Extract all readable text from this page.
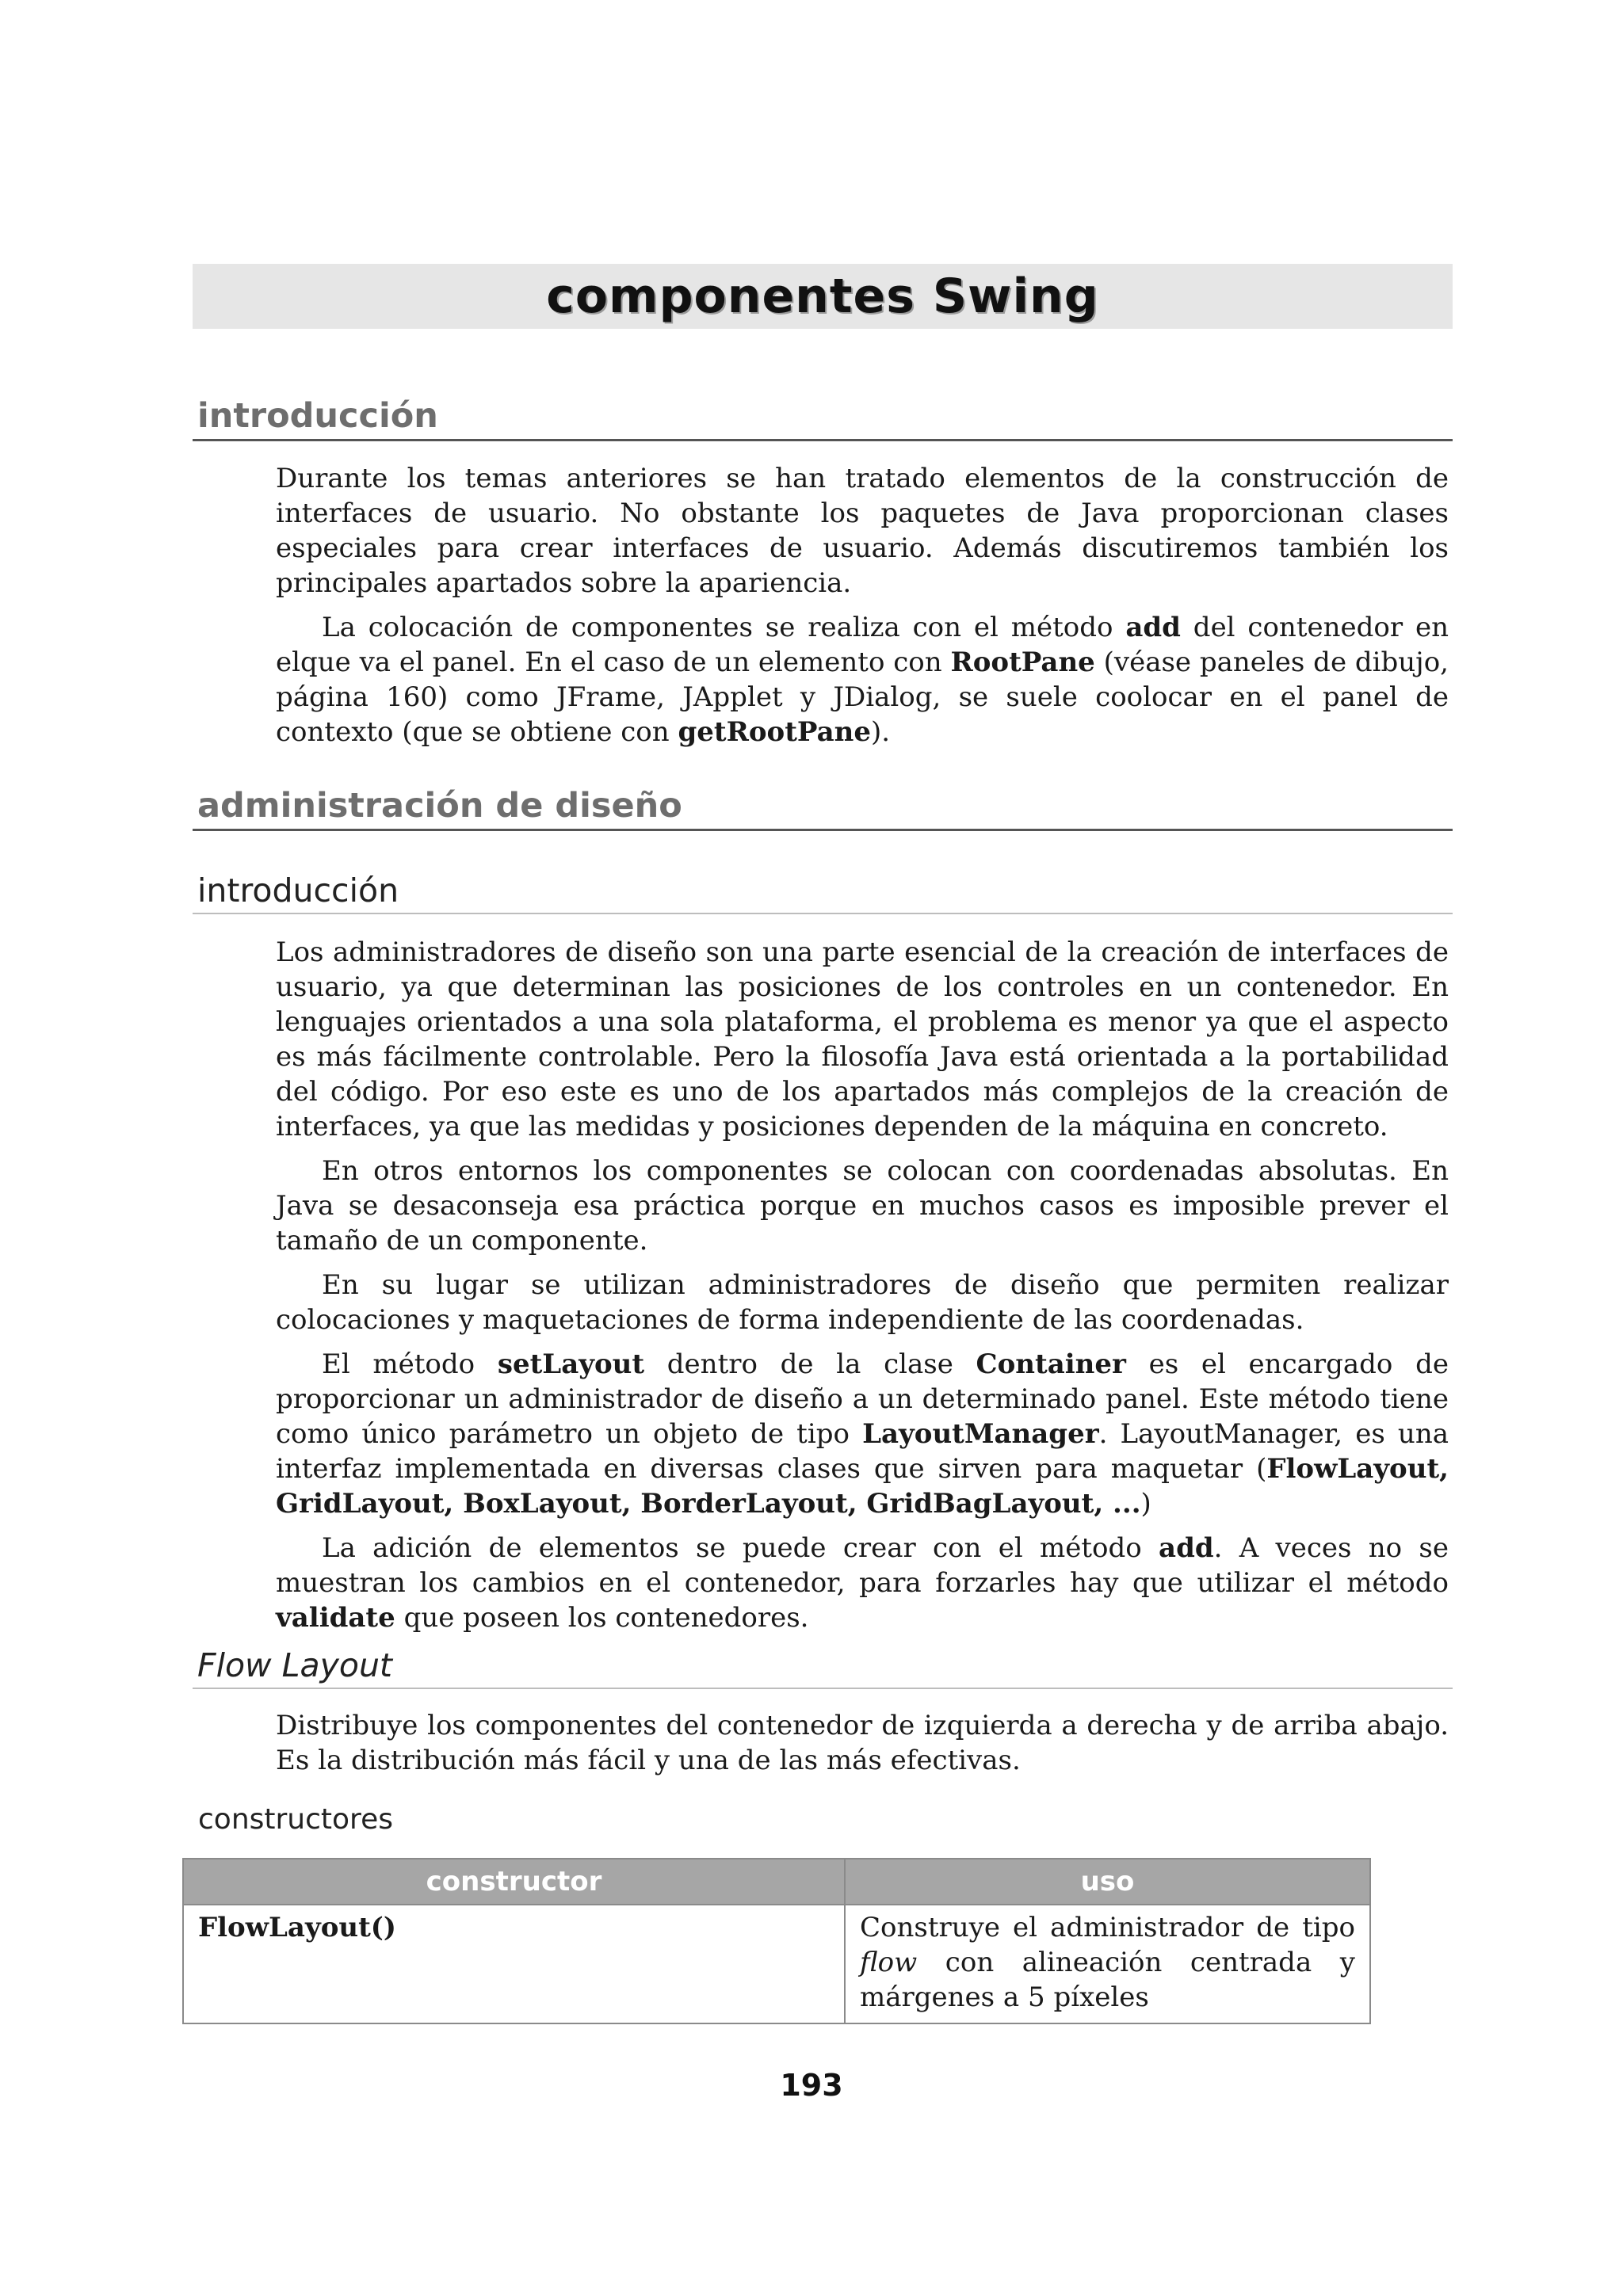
componentes Swing
introducción

Durante los temas anteriores se han tratado elementos de la construcción de interfaces de usuario. No obstante los paquetes de Java proporcionan clases especiales para crear interfaces de usuario. Además discutiremos también los principales apartados sobre la apariencia.

La colocación de componentes se realiza con el método add del contenedor en elque va el panel. En el caso de un elemento con RootPane (véase paneles de dibujo, página 160) como JFrame, JApplet y JDialog, se suele coolocar en el panel de contexto (que se obtiene con getRootPane).

administración de diseño
introducción

Los administradores de diseño son una parte esencial de la creación de interfaces de usuario, ya que determinan las posiciones de los controles en un contenedor. En lenguajes orientados a una sola plataforma, el problema es menor ya que el aspecto es más fácilmente controlable. Pero la filosofía Java está orientada a la portabilidad del código. Por eso este es uno de los apartados más complejos de la creación de interfaces, ya que las medidas y posiciones dependen de la máquina en concreto.

En otros entornos los componentes se colocan con coordenadas absolutas. En Java se desaconseja esa práctica porque en muchos casos es imposible prever el tamaño de un componente.

En su lugar se utilizan administradores de diseño que permiten realizar colocaciones y maquetaciones de forma independiente de las coordenadas.

El método setLayout dentro de la clase Container es el encargado de proporcionar un administrador de diseño a un determinado panel. Este método tiene como único parámetro un objeto de tipo LayoutManager. LayoutManager, es una interfaz implementada en diversas clases que sirven para maquetar (FlowLayout, GridLayout, BoxLayout, BorderLayout, GridBagLayout, ...)

La adición de elementos se puede crear con el método add. A veces no se muestran los cambios en el contenedor, para forzarles hay que utilizar el método validate que poseen los contenedores.

Flow Layout

Distribuye los componentes del contenedor de izquierda a derecha y de arriba abajo. Es la distribución más fácil y una de las más efectivas.

constructores
constructor	uso
FlowLayout()	Construye el administrador de tipo flow con alineación centrada y márgenes a 5 píxeles
193
